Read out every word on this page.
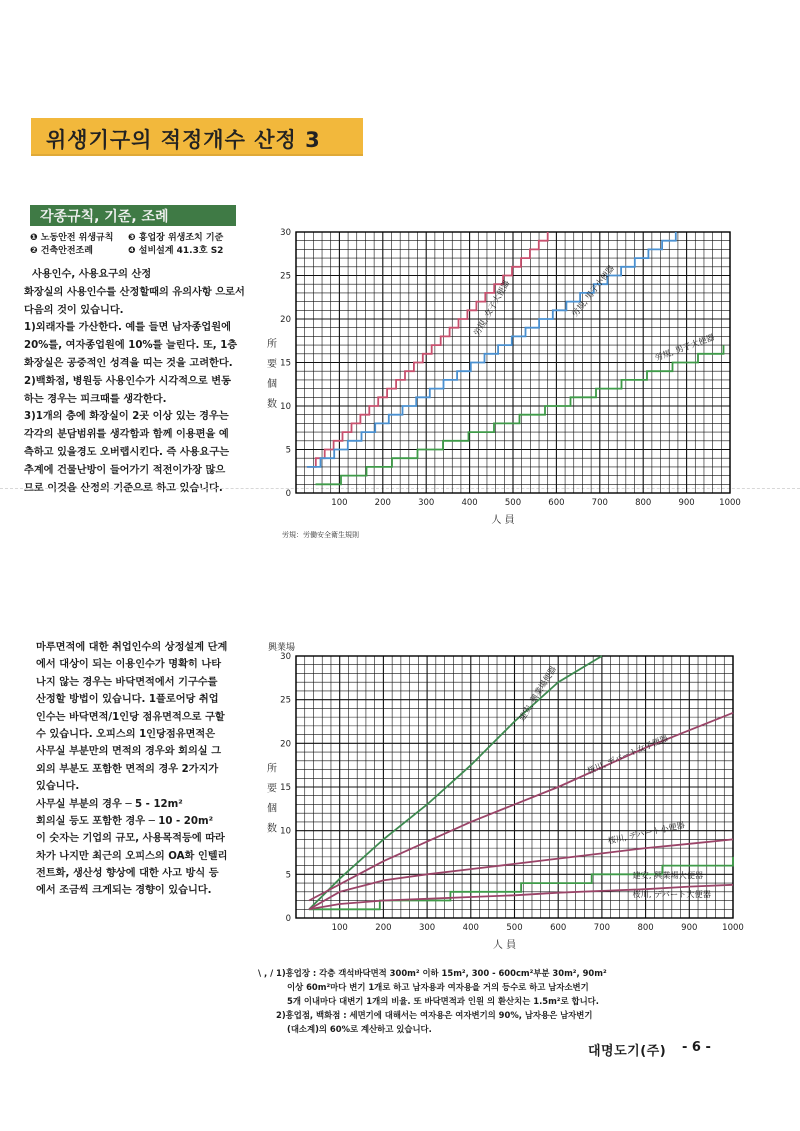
위생기구의 적정개수 산정 3
각종규칙, 기준, 조례
❶ 노동안전 위생규칙 ❸ 흥업장 위생조치 기준
❷ 건축안전조례	❹ 설비설계 41.3호 S2
사용인수, 사용요구의 산정
화장실의 사용인수를 산정할때의 유의사항 으로서
다음의 것이 있습니다.
1)외래자를 가산한다. 예를 들면 남자종업원에
20%를, 여자종업원에 10%를 늘린다. 또, 1층
화장실은 공중적인 성격을 띠는 것을 고려한다.
2)백화점, 병원등 사용인수가 시각적으로 변동
하는 경우는 피크때를 생각한다.
3)1개의 층에 화장실이 2곳 이상 있는 경우는
각각의 분담범위를 생각함과 함께 이용편을 예
측하고 있을경도 오버랩시킨다. 즉 사용요구는
추계에 건물난방이 들어가기 적전이가장 많으
므로 이것을 산정의 기준으로 하고 있습니다.
마루면적에 대한 취업인수의 상정설계 단계
에서 대상이 되는 이용인수가 명확히 나타
나지 않는 경우는 바닥면적에서 기구수를
산정할 방법이 있습니다. 1플로어당 취업
인수는 바닥면적/1인당 점유면적으로 구할
수 있습니다. 오피스의 1인당점유면적은
사무실 부분만의 면적의 경우와 회의실 그
외의 부분도 포함한 면적의 경우 2가지가
있습니다.
사무실 부분의 경우 ─ 5 - 12m²
회의실 등도 포함한 경우 ─ 10 - 20m²
이 숫자는 기업의 규모, 사용목적등에 따라
차가 나지만 최근의 오피스의 OA화 인텔리
전트화, 생산성 향상에 대한 사고 방식 등
에서 조금씩 크게되는 경향이 있습니다.
100	200	300	400	500	600	700	800	900	1000
0
5
10
15
20
25
30
人 員
所
要
個
数
労規, 女子大便器	労規, 男子小便器
労規, 男子大便器
労規：労働安全衛生規則
100	200	300	400	500	600	700	800	900	1000
0
5
10
15
20
25
30
人 員
所
要
個
数
興業場
建安, 興業場便器
桜川, デパート女子便器
桜川, デパート小便器
建安, 興業場大便器
桜川, デパート大便器
\ , / 1)흥업장 : 각층 객석바닥면적 300m² 이하 15m², 300 - 600cm²부분 30m², 90m²
이상 60m²마다 변기 1개로 하고 남자용과 여자용을 거의 등수로 하고 남자소변기
5개 이내마다 대변기 1개의 비율. 또 바닥면적과 인원 의 환산치는 1.5m²로 합니다.
2)흥업점, 백화점 : 세면기에 대해서는 여자용은 여자변기의 90%, 남자용은 남자변기
(대소계)의 60%로 계산하고 있습니다.
대명도기(주) - 6 -
